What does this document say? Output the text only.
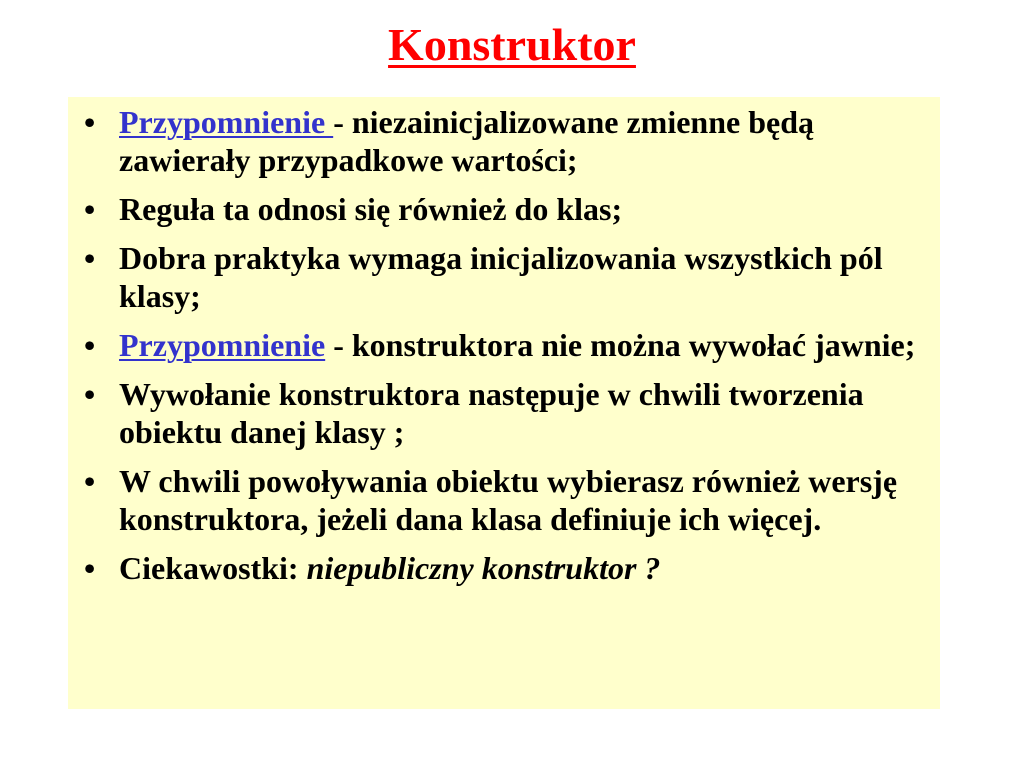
Konstruktor
• Przypomnienie - niezainicjalizowane zmienne będą zawierały przypadkowe wartości;
• Reguła ta odnosi się również do klas;
• Dobra praktyka wymaga inicjalizowania wszystkich pól klasy;
• Przypomnienie - konstruktora nie można wywołać jawnie;
• Wywołanie konstruktora następuje w chwili tworzenia obiektu danej klasy ;
• W chwili powoływania obiektu wybierasz również wersję konstruktora, jeżeli dana klasa definiuje ich więcej.
• Ciekawostki: niepubliczny konstruktor ?
